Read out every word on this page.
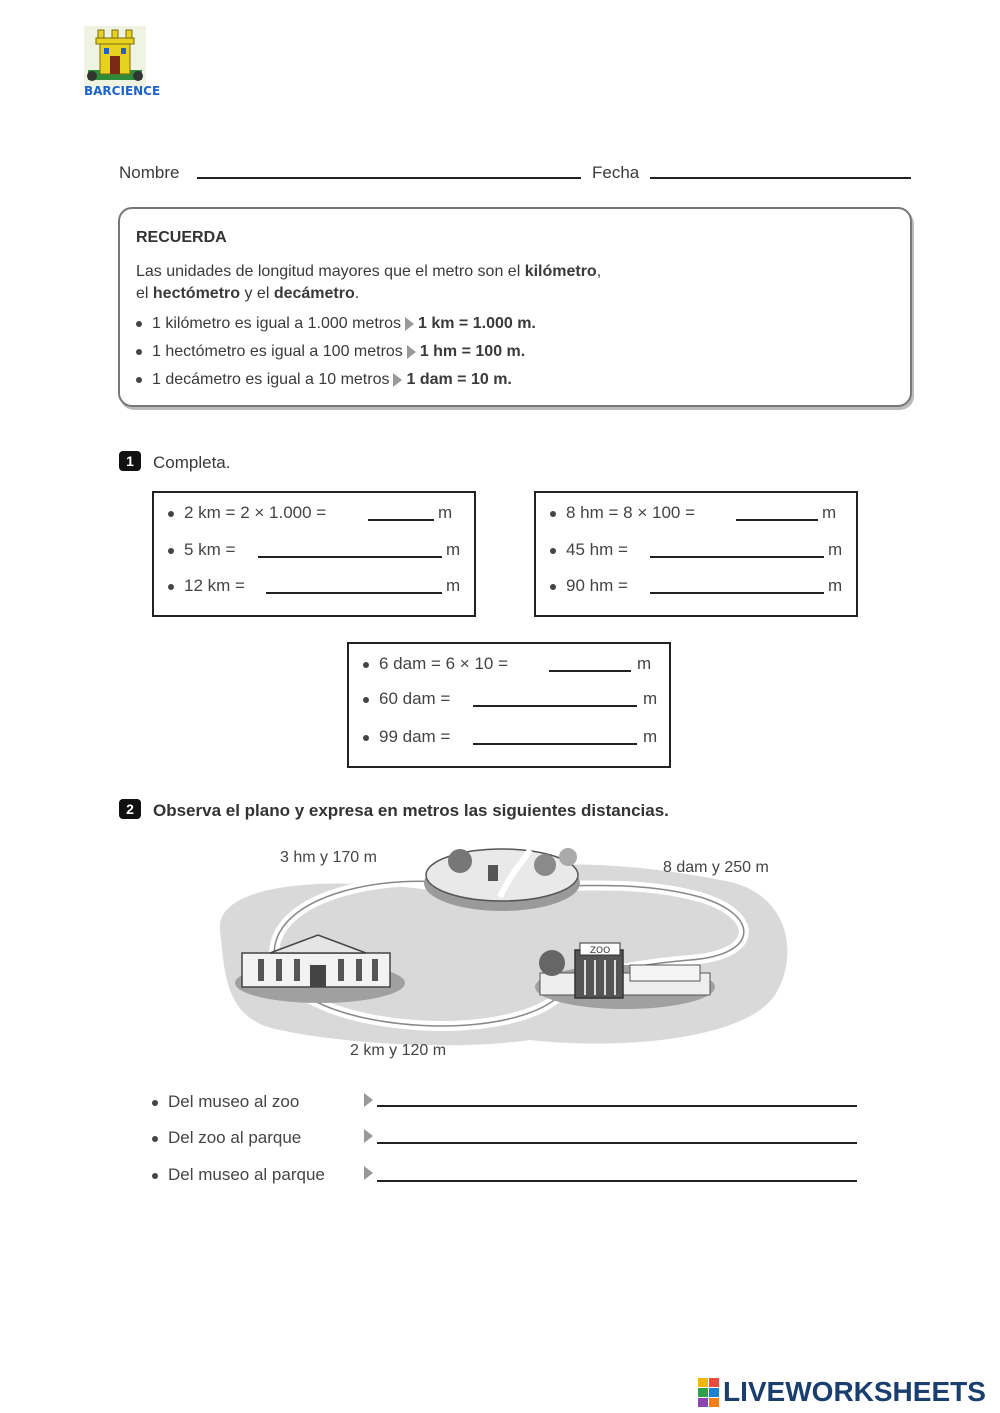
BARCIENCE
Nombre	Fecha
RECUERDA
Las unidades de longitud mayores que el metro son el kilómetro,
el hectómetro y el decámetro.
1 kilómetro es igual a 1.000 metros 1 km = 1.000 m.
1 hectómetro es igual a 100 metros 1 hm = 100 m.
1 decámetro es igual a 10 metros 1 dam = 10 m.
1	Completa.
2 km = 2 × 1.000 =	m
5 km =	m
12 km =	m
8 hm = 8 × 100 =	m
45 hm =	m
90 hm =	m
6 dam = 6 × 10 =	m
60 dam =	m
99 dam =	m
2	Observa el plano y expresa en metros las siguientes distancias.
ZOO
3 hm y 170 m
8 dam y 250 m
2 km y 120 m
Del museo al zoo
Del zoo al parque
Del museo al parque
LIVEWORKSHEETS
